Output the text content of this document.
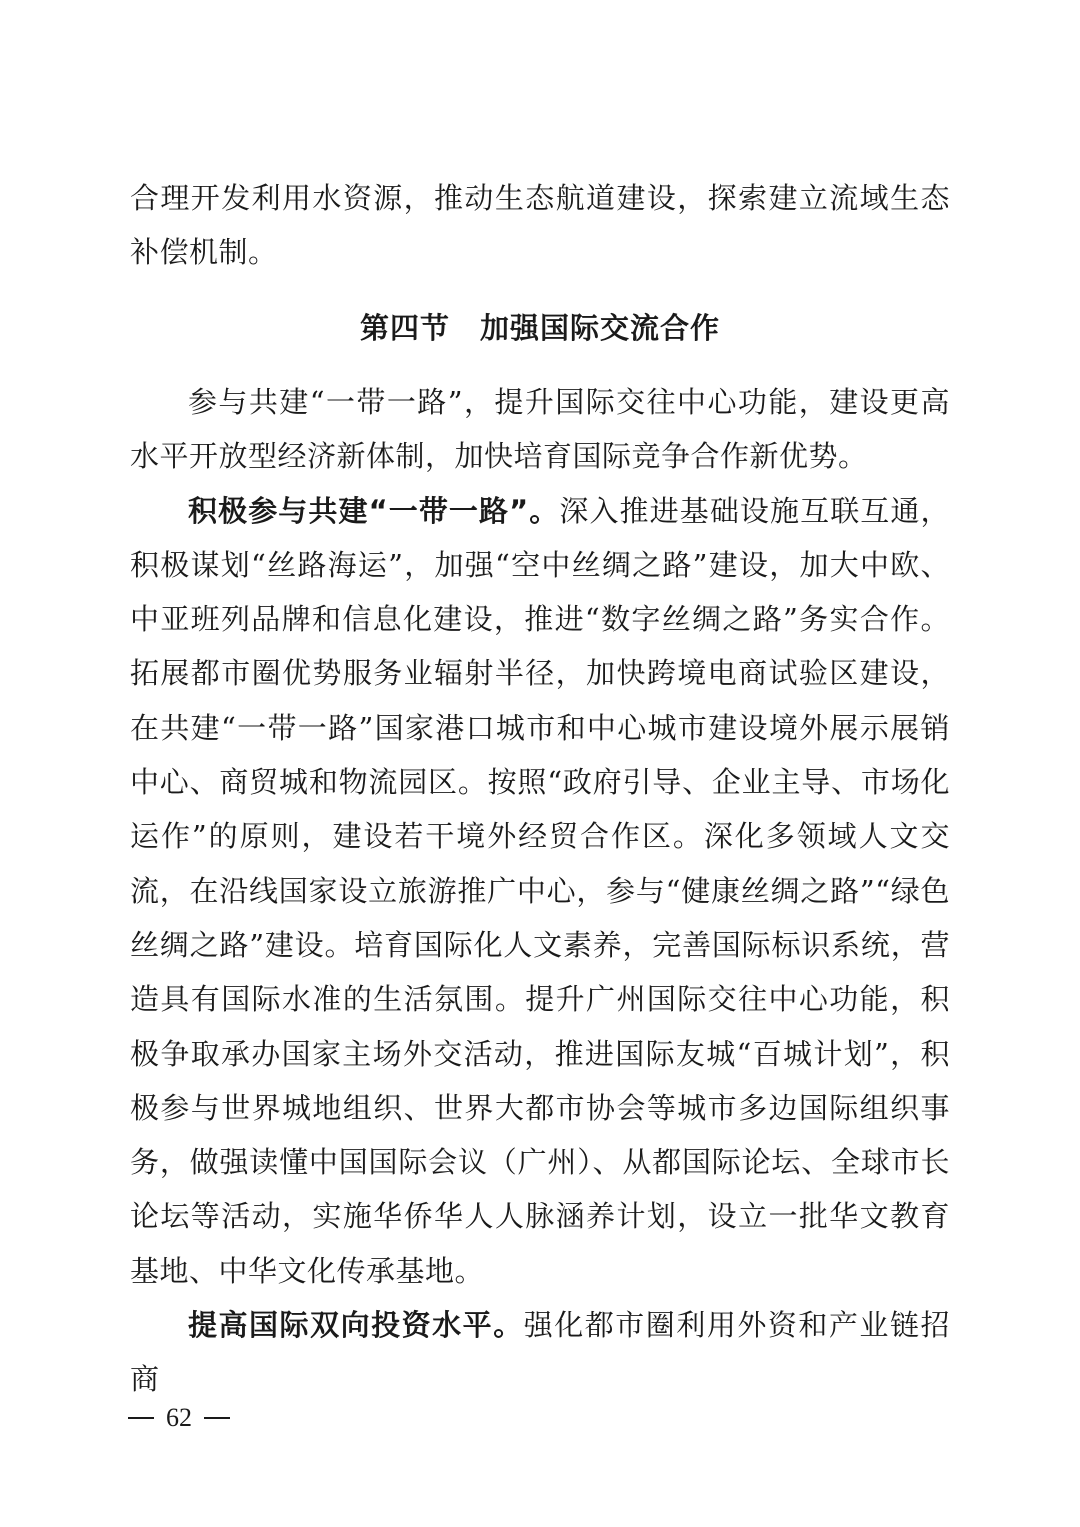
合理开发利用水资源，推动生态航道建设，探索建立流域生态补偿机制。

第四节 加强国际交流合作

参与共建“一带一路”，提升国际交往中心功能，建设更高水平开放型经济新体制，加快培育国际竞争合作新优势。

积极参与共建“一带一路”。深入推进基础设施互联互通，积极谋划“丝路海运”，加强“空中丝绸之路”建设，加大中欧、中亚班列品牌和信息化建设，推进“数字丝绸之路”务实合作。拓展都市圈优势服务业辐射半径，加快跨境电商试验区建设，在共建“一带一路”国家港口城市和中心城市建设境外展示展销中心、商贸城和物流园区。按照“政府引导、企业主导、市场化运作”的原则，建设若干境外经贸合作区。深化多领域人文交流，在沿线国家设立旅游推广中心，参与“健康丝绸之路”“绿色丝绸之路”建设。培育国际化人文素养，完善国际标识系统，营造具有国际水准的生活氛围。提升广州国际交往中心功能，积极争取承办国家主场外交活动，推进国际友城“百城计划”，积极参与世界城地组织、世界大都市协会等城市多边国际组织事务，做强读懂中国国际会议（广州）、从都国际论坛、全球市长论坛等活动，实施华侨华人人脉涵养计划，设立一批华文教育基地、中华文化传承基地。

提高国际双向投资水平。强化都市圈利用外资和产业链招商

62
